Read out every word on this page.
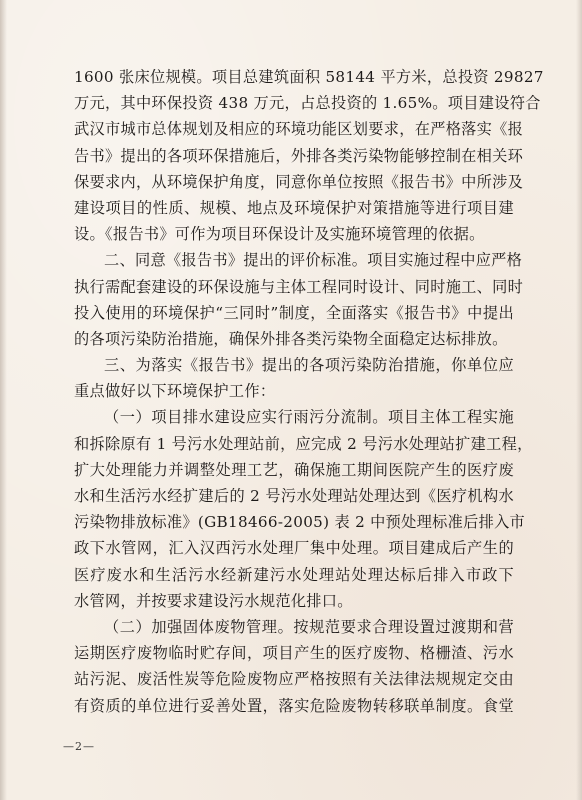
1600 张床位规模。项目总建筑面积 58144 平方米，总投资 29827
万元，其中环保投资 438 万元，占总投资的 1.65%。项目建设符合
武汉市城市总体规划及相应的环境功能区划要求，在严格落实《报
告书》提出的各项环保措施后，外排各类污染物能够控制在相关环
保要求内，从环境保护角度，同意你单位按照《报告书》中所涉及
建设项目的性质、规模、地点及环境保护对策措施等进行项目建
设。《报告书》可作为项目环保设计及实施环境管理的依据。
二、同意《报告书》提出的评价标准。项目实施过程中应严格
执行需配套建设的环保设施与主体工程同时设计、同时施工、同时
投入使用的环境保护“三同时”制度，全面落实《报告书》中提出
的各项污染防治措施，确保外排各类污染物全面稳定达标排放。
三、为落实《报告书》提出的各项污染防治措施，你单位应
重点做好以下环境保护工作：
（一）项目排水建设应实行雨污分流制。项目主体工程实施
和拆除原有 1 号污水处理站前，应完成 2 号污水处理站扩建工程，
扩大处理能力并调整处理工艺，确保施工期间医院产生的医疗废
水和生活污水经扩建后的 2 号污水处理站处理达到《医疗机构水
污染物排放标准》(GB18466-2005) 表 2 中预处理标准后排入市
政下水管网，汇入汉西污水处理厂集中处理。项目建成后产生的
医疗废水和生活污水经新建污水处理站处理达标后排入市政下
水管网，并按要求建设污水规范化排口。
（二）加强固体废物管理。按规范要求合理设置过渡期和营
运期医疗废物临时贮存间，项目产生的医疗废物、格栅渣、污水
站污泥、废活性炭等危险废物应严格按照有关法律法规规定交由
有资质的单位进行妥善处置，落实危险废物转移联单制度。食堂
—2—
